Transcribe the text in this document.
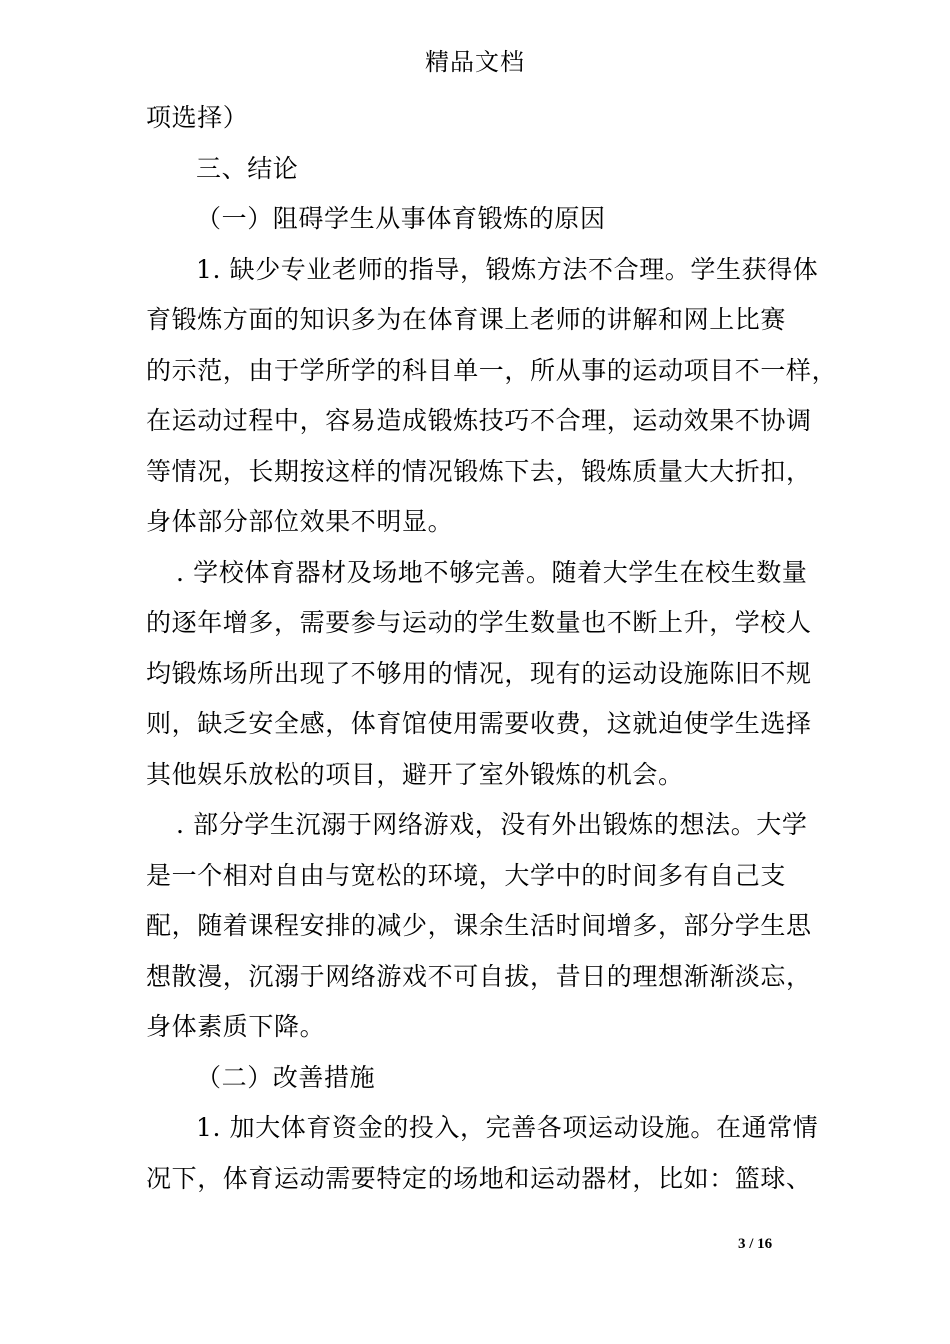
精品文档
项选择）
三、结论
（一）阻碍学生从事体育锻炼的原因
1. 缺少专业老师的指导，锻炼方法不合理。学生获得体
育锻炼方面的知识多为在体育课上老师的讲解和网上比赛
的示范，由于学所学的科目单一，所从事的运动项目不一样，
在运动过程中，容易造成锻炼技巧不合理，运动效果不协调
等情况，长期按这样的情况锻炼下去，锻炼质量大大折扣，
身体部分部位效果不明显。
. 学校体育器材及场地不够完善。随着大学生在校生数量
的逐年增多，需要参与运动的学生数量也不断上升，学校人
均锻炼场所出现了不够用的情况，现有的运动设施陈旧不规
则，缺乏安全感，体育馆使用需要收费，这就迫使学生选择
其他娱乐放松的项目，避开了室外锻炼的机会。
. 部分学生沉溺于网络游戏，没有外出锻炼的想法。大学
是一个相对自由与宽松的环境，大学中的时间多有自己支
配，随着课程安排的减少，课余生活时间增多，部分学生思
想散漫，沉溺于网络游戏不可自拔，昔日的理想渐渐淡忘，
身体素质下降。
（二）改善措施
1. 加大体育资金的投入，完善各项运动设施。在通常情
况下，体育运动需要特定的场地和运动器材，比如：篮球、
3 / 16
